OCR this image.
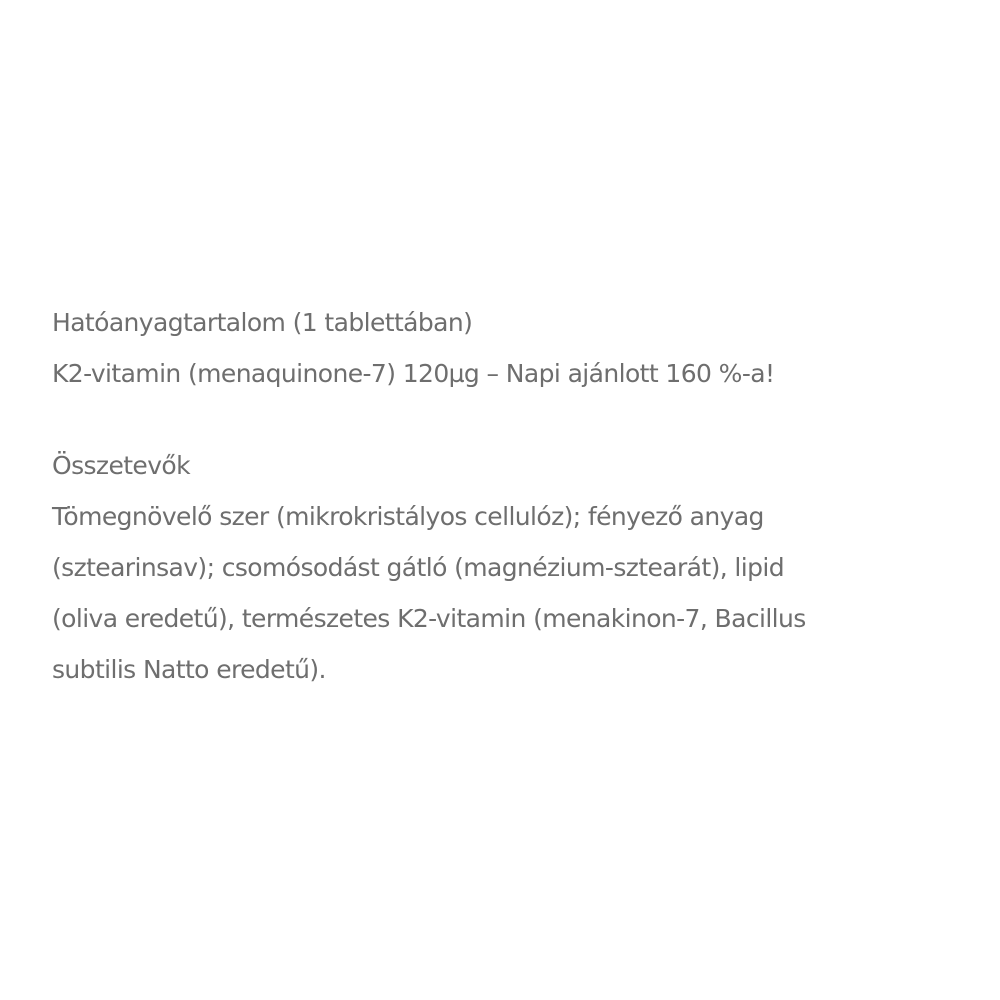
Hatóanyagtartalom (1 tablettában)

K2-vitamin (menaquinone-7) 120µg – Napi ajánlott 160 %-a!

Összetevők

Tömegnövelő szer (mikrokristályos cellulóz); fényező anyag

(sztearinsav); csomósodást gátló (magnézium-sztearát), lipid

(oliva eredetű), természetes K2-vitamin (menakinon-7, Bacillus

subtilis Natto eredetű).
